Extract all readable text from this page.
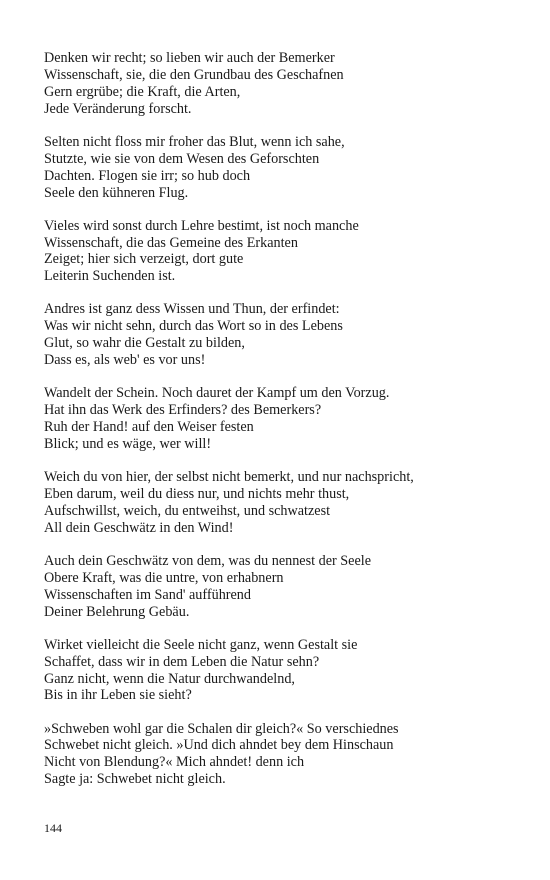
Denken wir recht; so lieben wir auch der Bemerker
Wissenschaft, sie, die den Grundbau des Geschafnen
Gern ergrübe; die Kraft, die Arten,
Jede Veränderung forscht.
Selten nicht floss mir froher das Blut, wenn ich sahe,
Stutzte, wie sie von dem Wesen des Geforschten
Dachten. Flogen sie irr; so hub doch
Seele den kühneren Flug.
Vieles wird sonst durch Lehre bestimt, ist noch manche
Wissenschaft, die das Gemeine des Erkanten
Zeiget; hier sich verzeigt, dort gute
Leiterin Suchenden ist.
Andres ist ganz dess Wissen und Thun, der erfindet:
Was wir nicht sehn, durch das Wort so in des Lebens
Glut, so wahr die Gestalt zu bilden,
Dass es, als web' es vor uns!
Wandelt der Schein. Noch dauret der Kampf um den Vorzug.
Hat ihn das Werk des Erfinders? des Bemerkers?
Ruh der Hand! auf den Weiser festen
Blick; und es wäge, wer will!
Weich du von hier, der selbst nicht bemerkt, und nur nachspricht,
Eben darum, weil du diess nur, und nichts mehr thust,
Aufschwillst, weich, du entweihst, und schwatzest
All dein Geschwätz in den Wind!
Auch dein Geschwätz von dem, was du nennest der Seele
Obere Kraft, was die untre, von erhabnern
Wissenschaften im Sand' aufführend
Deiner Belehrung Gebäu.
Wirket vielleicht die Seele nicht ganz, wenn Gestalt sie
Schaffet, dass wir in dem Leben die Natur sehn?
Ganz nicht, wenn die Natur durchwandelnd,
Bis in ihr Leben sie sieht?
»Schweben wohl gar die Schalen dir gleich?« So verschiednes
Schwebet nicht gleich. »Und dich ahndet bey dem Hinschaun
Nicht von Blendung?« Mich ahndet! denn ich
Sagte ja: Schwebet nicht gleich.
144
